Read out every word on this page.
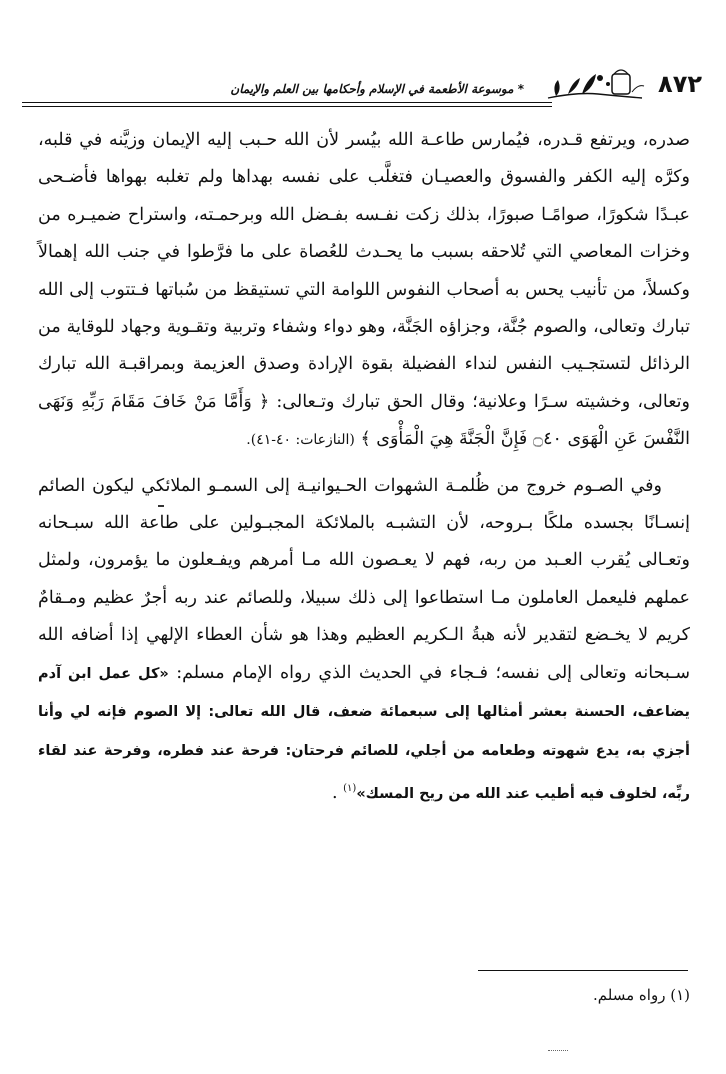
٨٧٢
* موسوعة الأطعمة في الإسلام وأحكامها بين العلم والإيمان

صدره، ويرتفع قـدره، فيُمارس طاعـة الله بيُسر لأن الله حـبب إليه الإيمان وزيَّنه في قلبه، وكرَّه إليه الكفر والفسوق والعصيـان فتغلَّب على نفسه بهداها ولم تغلبه بهواها فأضـحى عبـدًا شكورًا، صوامًـا صبورًا، بذلك زكت نفـسه بفـضل الله وبرحمـته، واستراح ضميـره من وخزات المعاصي التي تُلاحقه بسبب ما يحـدث للعُصاة على ما فرَّطوا في جنب الله إهمالاً وكسلاً، من تأنيب يحس به أصحاب النفوس اللوامة التي تستيقظ من سُباتها فـتتوب إلى الله تبارك وتعالى، والصوم جُنَّة، وجزاؤه الجَنَّة، وهو دواء وشفاء وتربية وتقـوية وجهاد للوقاية من الرذائل لتستجـيب النفس لنداء الفضيلة بقوة الإرادة وصدق العزيمة وبمراقبـة الله تبارك وتعالى، وخشيته سـرًا وعلانية؛ وقال الحق تبارك وتـعالى: ﴿ وَأَمَّا مَنْ خَافَ مَقَامَ رَبِّهِ وَنَهَى النَّفْسَ عَنِ الْهَوَى ۝٤٠ فَإِنَّ الْجَنَّةَ هِيَ الْمَأْوَى ﴾ (النازعات: ٤٠-٤١).

وفي الصـوم خروج من ظُلمـة الشهوات الحـيوانيـة إلى السمـو الملائكي ليكون الصائم إنسـانًا بجسده ملكًا بـروحه، لأن التشبـه بالملائكة المجبـولين على طاعة الله سبـحانه وتعـالى يُقرب العـبد من ربه، فهم لا يعـصون الله مـا أمرهم ويفـعلون ما يؤمرون، ولمثل عملهم فليعمل العاملون مـا استطاعوا إلى ذلك سبيلا، وللصائم عند ربه أجرٌ عظيم ومـقامٌ كريم لا يخـضع لتقدير لأنه هبةُ الـكريم العظيم وهذا هو شأن العطاء الإلهي إذا أضافه الله سـبحانه وتعالى إلى نفسه؛ فـجاء في الحديث الذي رواه الإمام مسلم: «كل عمل ابن آدم يضاعف، الحسنة بعشر أمثالها إلى سبعمائة ضعف، قال الله تعالى: إلا الصوم فإنه لي وأنا أجزي به، يدع شهوته وطعامه من أجلي، للصائم فرحتان: فرحة عند فطره، وفرحة عند لقاء ربِّه، لخلوف فيه أطيب عند الله من ريح المسك»$^{(١)}$ .

(١) رواه مسلم.
